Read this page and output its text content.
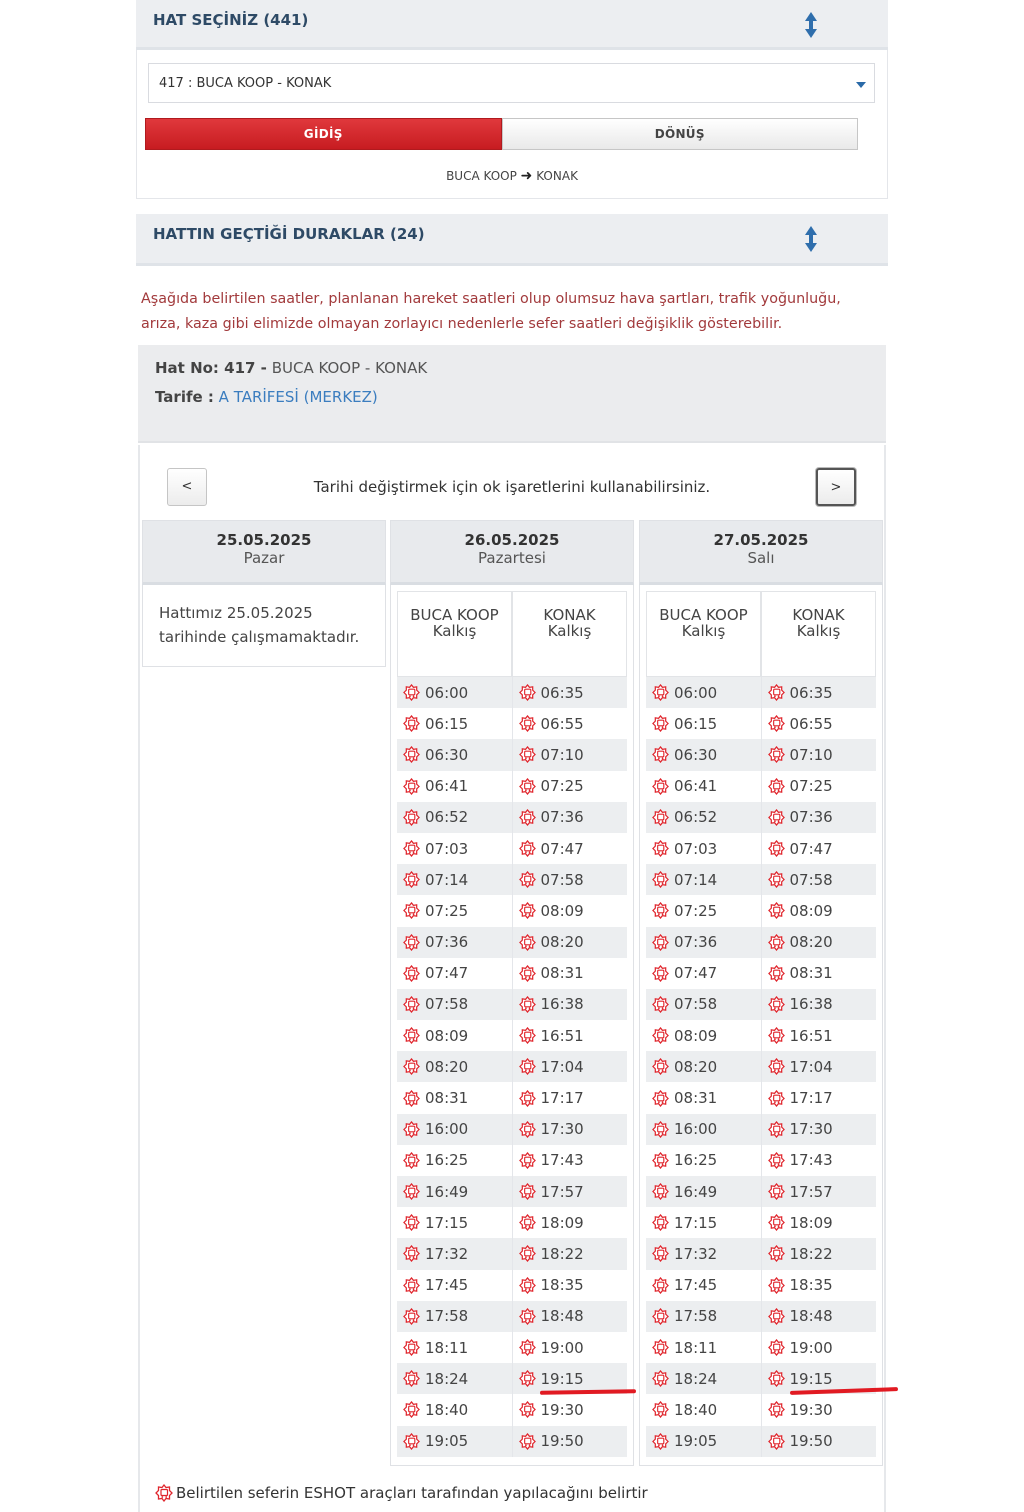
HAT SEÇİNİZ (441)
417 : BUCA KOOP - KONAK
GİDİŞ	DÖNÜŞ
BUCA KOOP ➜ KONAK
HATTIN GEÇTİĞİ DURAKLAR (24)
Aşağıda belirtilen saatler, planlanan hareket saatleri olup olumsuz hava şartları, trafik yoğunluğu, arıza, kaza gibi elimizde olmayan zorlayıcı nedenlerle sefer saatleri değişiklik gösterebilir.
Hat No: 417 - BUCA KOOP - KONAK
Tarife : A TARİFESİ (MERKEZ)
<	Tarihi değiştirmek için ok işaretlerini kullanabilirsiniz.	>
25.05.2025
Pazar
Hattımız 25.05.2025 tarihinde çalışmamaktadır.
26.05.2025
Pazartesi
BUCA KOOP
Kalkış
KONAK
Kalkış
06:00	06:35
06:15	06:55
06:30	07:10
06:41	07:25
06:52	07:36
07:03	07:47
07:14	07:58
07:25	08:09
07:36	08:20
07:47	08:31
07:58	16:38
08:09	16:51
08:20	17:04
08:31	17:17
16:00	17:30
16:25	17:43
16:49	17:57
17:15	18:09
17:32	18:22
17:45	18:35
17:58	18:48
18:11	19:00
18:24	19:15
18:40	19:30
19:05	19:50
27.05.2025
Salı
BUCA KOOP
Kalkış
KONAK
Kalkış
06:00	06:35
06:15	06:55
06:30	07:10
06:41	07:25
06:52	07:36
07:03	07:47
07:14	07:58
07:25	08:09
07:36	08:20
07:47	08:31
07:58	16:38
08:09	16:51
08:20	17:04
08:31	17:17
16:00	17:30
16:25	17:43
16:49	17:57
17:15	18:09
17:32	18:22
17:45	18:35
17:58	18:48
18:11	19:00
18:24	19:15
18:40	19:30
19:05	19:50
Belirtilen seferin ESHOT araçları tarafından yapılacağını belirtir
